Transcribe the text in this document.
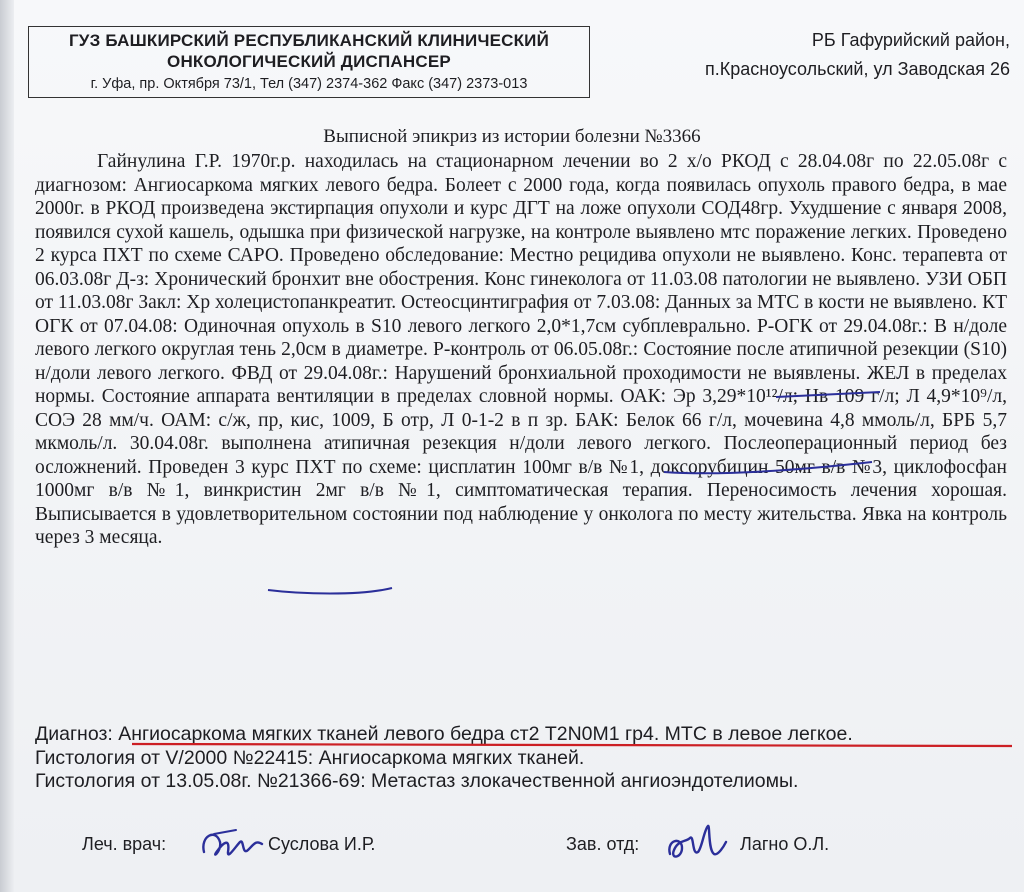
ГУЗ БАШКИРСКИЙ РЕСПУБЛИКАНСКИЙ КЛИНИЧЕСКИЙ
ОНКОЛОГИЧЕСКИЙ ДИСПАНСЕР
г. Уфа, пр. Октября 73/1, Тел (347) 2374-362 Факс (347) 2373-013
РБ Гафурийский район,
п.Красноусольский, ул Заводская 26
Выписной эпикриз из истории болезни №3366

Гайнулина Г.Р. 1970г.р. находилась на стационарном лечении во 2 х/о РКОД с 28.04.08г по 22.05.08г с диагнозом: Ангиосаркома мягких левого бедра. Болеет с 2000 года, когда появилась опухоль правого бедра, в мае 2000г. в РКОД произведена экстирпация опухоли и курс ДГТ на ложе опухоли СОД48гр. Ухудшение с января 2008, появился сухой кашель, одышка при физической нагрузке, на контроле выявлено мтс поражение легких. Проведено 2 курса ПХТ по схеме САРО. Проведено обследование: Местно рецидива опухоли не выявлено. Конс. терапевта от 06.03.08г Д-з: Хронический бронхит вне обострения. Конс гинеколога от 11.03.08 патологии не выявлено. УЗИ ОБП от 11.03.08г Закл: Хр холецистопанкреатит. Остеосцинтиграфия от 7.03.08: Данных за МТС в кости не выявлено. КТ ОГК от 07.04.08: Одиночная опухоль в S10 левого легкого 2,0*1,7см субплеврально. Р-ОГК от 29.04.08г.: В н/доле левого легкого округлая тень 2,0см в диаметре. Р-контроль от 06.05.08г.: Состояние после атипичной резекции (S10) н/доли левого легкого. ФВД от 29.04.08г.: Нарушений бронхиальной проходимости не выявлены. ЖЕЛ в пределах нормы. Состояние аппарата вентиляции в пределах словной нормы. ОАК: Эр 3,29*10¹²/л; Нв 109 г/л; Л 4,9*10⁹/л, СОЭ 28 мм/ч. ОАМ: с/ж, пр, кис, 1009, Б отр, Л 0-1-2 в п зр. БАК: Белок 66 г/л, мочевина 4,8 ммоль/л, БРБ 5,7 мкмоль/л. 30.04.08г. выполнена атипичная резекция н/доли левого легкого. Послеоперационный период без осложнений. Проведен 3 курс ПХТ по схеме: цисплатин 100мг в/в №1, доксорубицин 50мг в/в №3, циклофосфан 1000мг в/в №1, винкристин 2мг в/в №1, симптоматическая терапия. Переносимость лечения хорошая. Выписывается в удовлетворительном состоянии под наблюдение у онколога по месту жительства. Явка на контроль через 3 месяца.

Диагноз: Ангиосаркома мягких тканей левого бедра ст2 T2N0M1 гр4. МТС в левое легкое.
Гистология от V/2000 №22415: Ангиосаркома мягких тканей.
Гистология от 13.05.08г. №21366-69: Метастаз злокачественной ангиоэндотелиомы.
Леч. врач:	Суслова И.Р.	Зав. отд:	Лагно О.Л.
